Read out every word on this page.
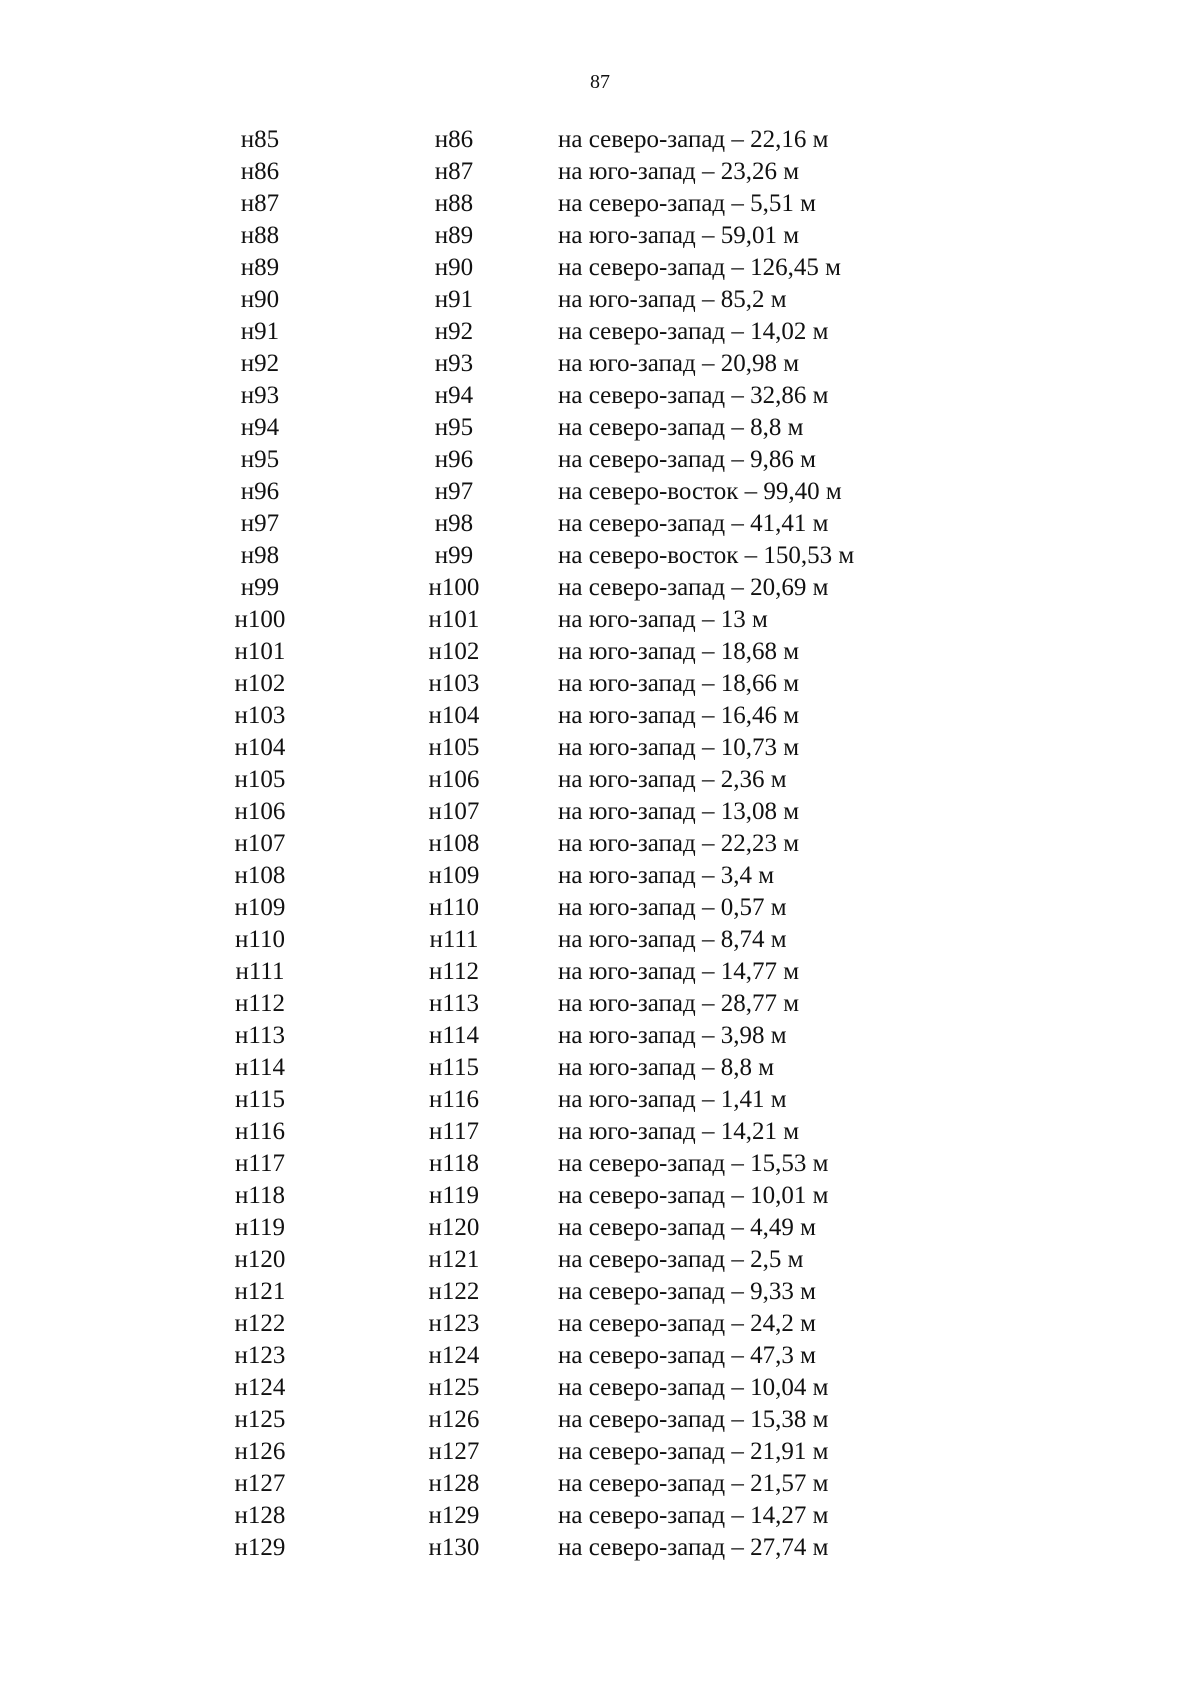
87
н85	н86	на северо-запад – 22,16 м
н86	н87	на юго-запад – 23,26 м
н87	н88	на северо-запад – 5,51 м
н88	н89	на юго-запад – 59,01 м
н89	н90	на северо-запад – 126,45 м
н90	н91	на юго-запад – 85,2 м
н91	н92	на северо-запад – 14,02 м
н92	н93	на юго-запад – 20,98 м
н93	н94	на северо-запад – 32,86 м
н94	н95	на северо-запад – 8,8 м
н95	н96	на северо-запад – 9,86 м
н96	н97	на северо-восток – 99,40 м
н97	н98	на северо-запад – 41,41 м
н98	н99	на северо-восток – 150,53 м
н99	н100	на северо-запад – 20,69 м
н100	н101	на юго-запад – 13 м
н101	н102	на юго-запад – 18,68 м
н102	н103	на юго-запад – 18,66 м
н103	н104	на юго-запад – 16,46 м
н104	н105	на юго-запад – 10,73 м
н105	н106	на юго-запад – 2,36 м
н106	н107	на юго-запад – 13,08 м
н107	н108	на юго-запад – 22,23 м
н108	н109	на юго-запад – 3,4 м
н109	н110	на юго-запад – 0,57 м
н110	н111	на юго-запад – 8,74 м
н111	н112	на юго-запад – 14,77 м
н112	н113	на юго-запад – 28,77 м
н113	н114	на юго-запад – 3,98 м
н114	н115	на юго-запад – 8,8 м
н115	н116	на юго-запад – 1,41 м
н116	н117	на юго-запад – 14,21 м
н117	н118	на северо-запад – 15,53 м
н118	н119	на северо-запад – 10,01 м
н119	н120	на северо-запад – 4,49 м
н120	н121	на северо-запад – 2,5 м
н121	н122	на северо-запад – 9,33 м
н122	н123	на северо-запад – 24,2 м
н123	н124	на северо-запад – 47,3 м
н124	н125	на северо-запад – 10,04 м
н125	н126	на северо-запад – 15,38 м
н126	н127	на северо-запад – 21,91 м
н127	н128	на северо-запад – 21,57 м
н128	н129	на северо-запад – 14,27 м
н129	н130	на северо-запад – 27,74 м
